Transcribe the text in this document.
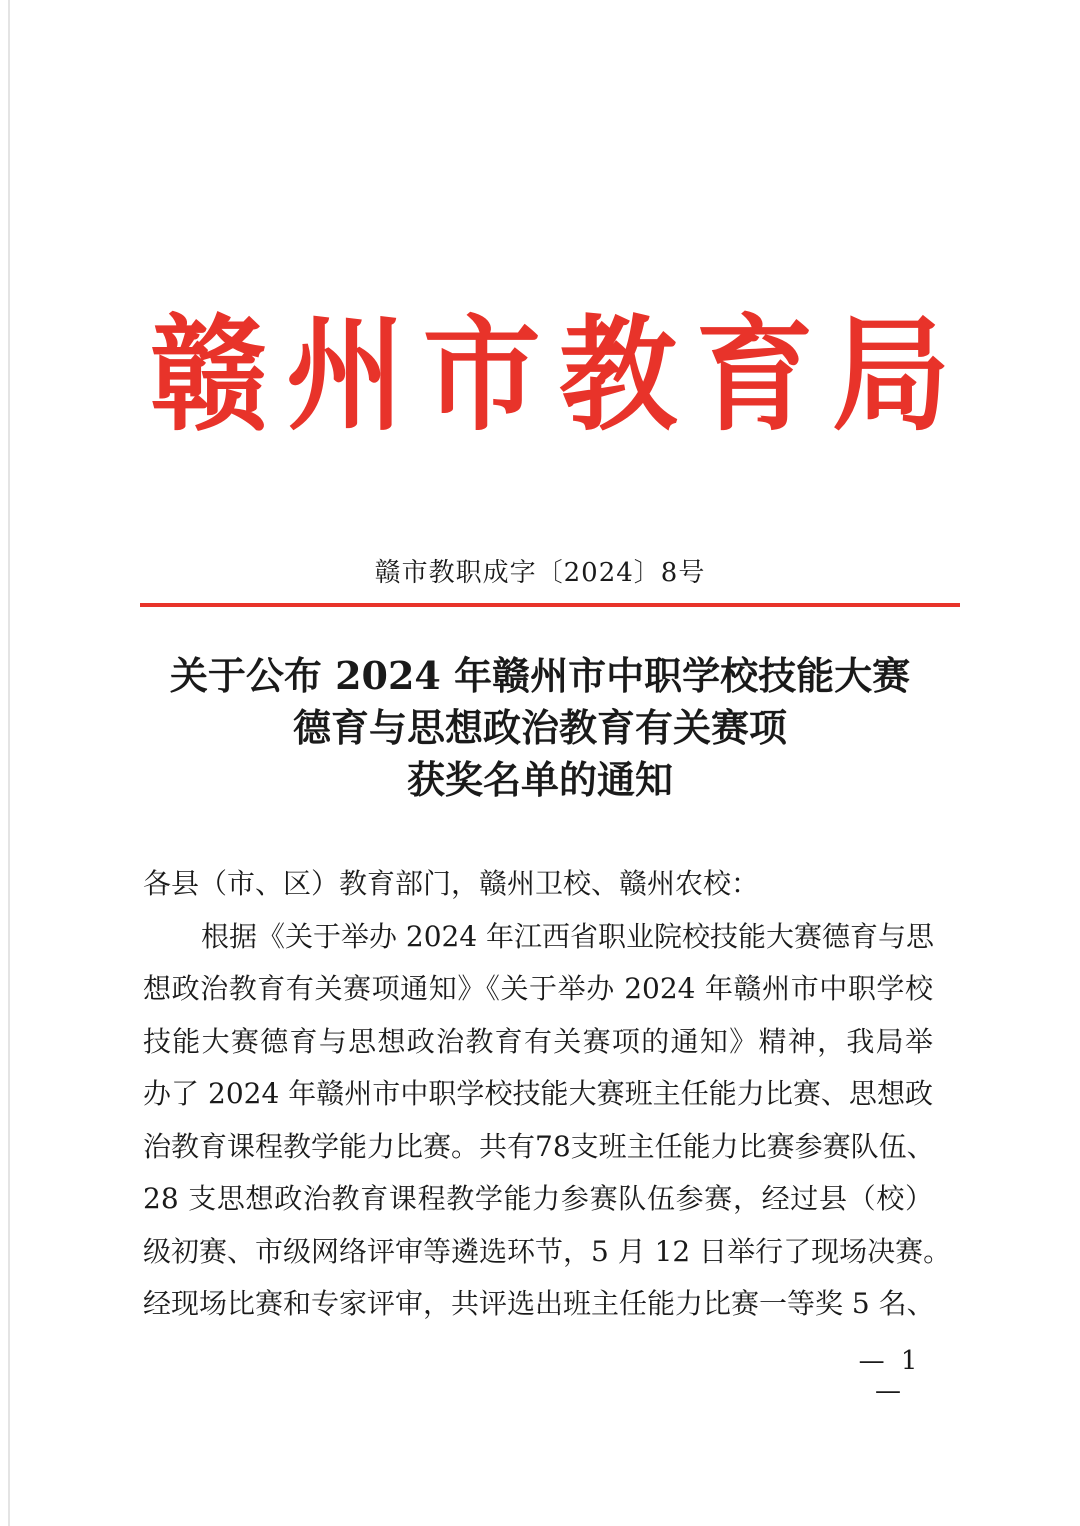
赣 州 市 教 育 局
赣市教职成字〔2024〕8号
关于公布 2024 年赣州市中职学校技能大赛
德育与思想政治教育有关赛项
获奖名单的通知

各县（市、区）教育部门，赣州卫校、赣州农校：

根据《关于举办 2024 年江西省职业院校技能大赛德育与思

想政治教育有关赛项通知》《关于举办 2024 年赣州市中职学校

技能大赛德育与思想政治教育有关赛项的通知》精神，我局举

办了 2024 年赣州市中职学校技能大赛班主任能力比赛、思想政

治教育课程教学能力比赛。共有78支班主任能力比赛参赛队伍、

28 支思想政治教育课程教学能力参赛队伍参赛，经过县（校）

级初赛、市级网络评审等遴选环节，5 月 12 日举行了现场决赛。

经现场比赛和专家评审，共评选出班主任能力比赛一等奖 5 名、

— 1 —
